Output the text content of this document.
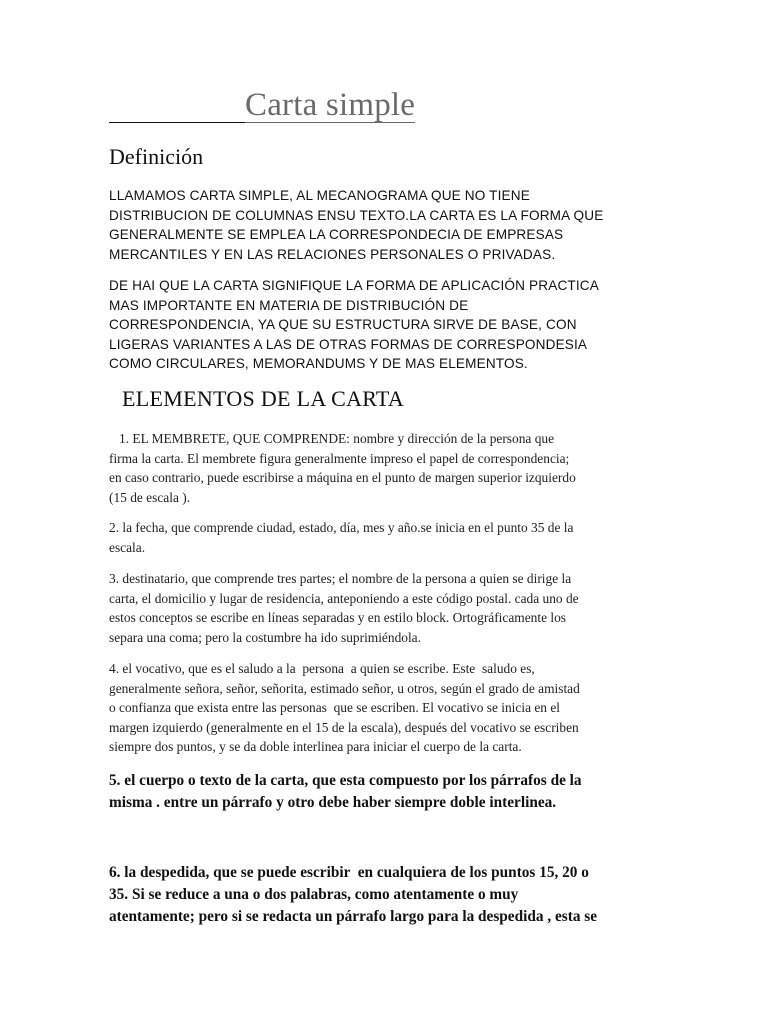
Carta simple
Definición
LLAMAMOS CARTA SIMPLE, AL MECANOGRAMA QUE NO TIENE
DISTRIBUCION DE COLUMNAS ENSU TEXTO.LA CARTA ES LA FORMA QUE
GENERALMENTE SE EMPLEA LA CORRESPONDECIA DE EMPRESAS
MERCANTILES Y EN LAS RELACIONES PERSONALES O PRIVADAS.
DE HAI QUE LA CARTA SIGNIFIQUE LA FORMA DE APLICACIÓN PRACTICA
MAS IMPORTANTE EN MATERIA DE DISTRIBUCIÓN DE
CORRESPONDENCIA, YA QUE SU ESTRUCTURA SIRVE DE BASE, CON
LIGERAS VARIANTES A LAS DE OTRAS FORMAS DE CORRESPONDESIA
COMO CIRCULARES, MEMORANDUMS Y DE MAS ELEMENTOS.
ELEMENTOS DE LA CARTA
1. EL MEMBRETE, QUE COMPRENDE: nombre y dirección de la persona que
firma la carta. El membrete figura generalmente impreso el papel de correspondencia;
en caso contrario, puede escribirse a máquina en el punto de margen superior izquierdo
(15 de escala ).
2. la fecha, que comprende ciudad, estado, día, mes y año.se inicia en el punto 35 de la
escala.
3. destinatario, que comprende tres partes; el nombre de la persona a quien se dirige la
carta, el domicilio y lugar de residencia, anteponiendo a este código postal. cada uno de
estos conceptos se escribe en líneas separadas y en estilo block. Ortográficamente los
separa una coma; pero la costumbre ha ido suprimiéndola.
4. el vocativo, que es el saludo a la  persona  a quien se escribe. Este  saludo es,
generalmente señora, señor, señorita, estimado señor, u otros, según el grado de amistad
o confianza que exista entre las personas  que se escriben. El vocativo se inicia en el
margen izquierdo (generalmente en el 15 de la escala), después del vocativo se escriben
siempre dos puntos, y se da doble interlinea para iniciar el cuerpo de la carta.
5. el cuerpo o texto de la carta, que esta compuesto por los párrafos de la
misma . entre un párrafo y otro debe haber siempre doble interlinea.
6. la despedida, que se puede escribir  en cualquiera de los puntos 15, 20 o
35. Si se reduce a una o dos palabras, como atentamente o muy
atentamente; pero si se redacta un párrafo largo para la despedida , esta se
